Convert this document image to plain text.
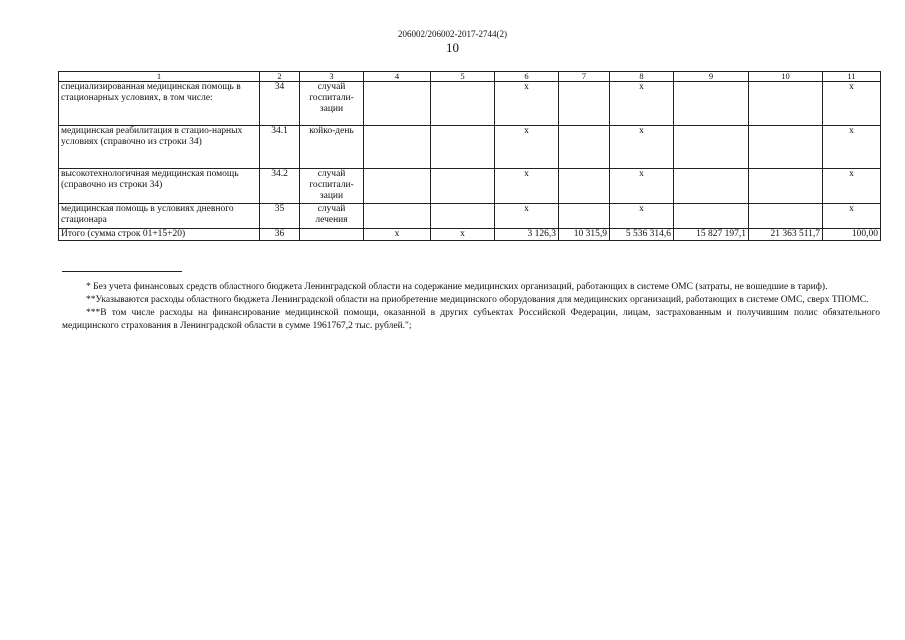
206002/206002-2017-2744(2)
10
1	2	3	4	5	6	7	8	9	10	11
специализированная медицинская помощь в стационарных условиях, в том числе:	34	случай госпитали-зации			x		x			x
медицинская реабилитация в стацио-нарных условиях (справочно из строки 34)	34.1	койко-день			x		x			x
высокотехнологичная медицинская помощь (справочно из строки 34)	34.2	случай госпитали-зации			x		x			x
медицинская помощь в условиях дневного стационара	35	случай лечения			x		x			x
Итого (сумма строк 01+15+20)	36		x	x	3 126,3	10 315,9	5 536 314,6	15 827 197,1	21 363 511,7	100,00

* Без учета финансовых средств областного бюджета Ленинградской области на содержание медицинских организаций, работающих в системе ОМС (затраты, не вошедшие в тариф).

**Указываются расходы областного бюджета Ленинградской области на приобретение медицинского оборудования для медицинских организаций, работающих в системе ОМС, сверх ТПОМС.

***В том числе расходы на финансирование медицинской помощи, оказанной в других субъектах Российской Федерации, лицам, застрахованным и получившим полис обязательного медицинского страхования в Ленинградской области в сумме 1961767,2 тыс. рублей.";
